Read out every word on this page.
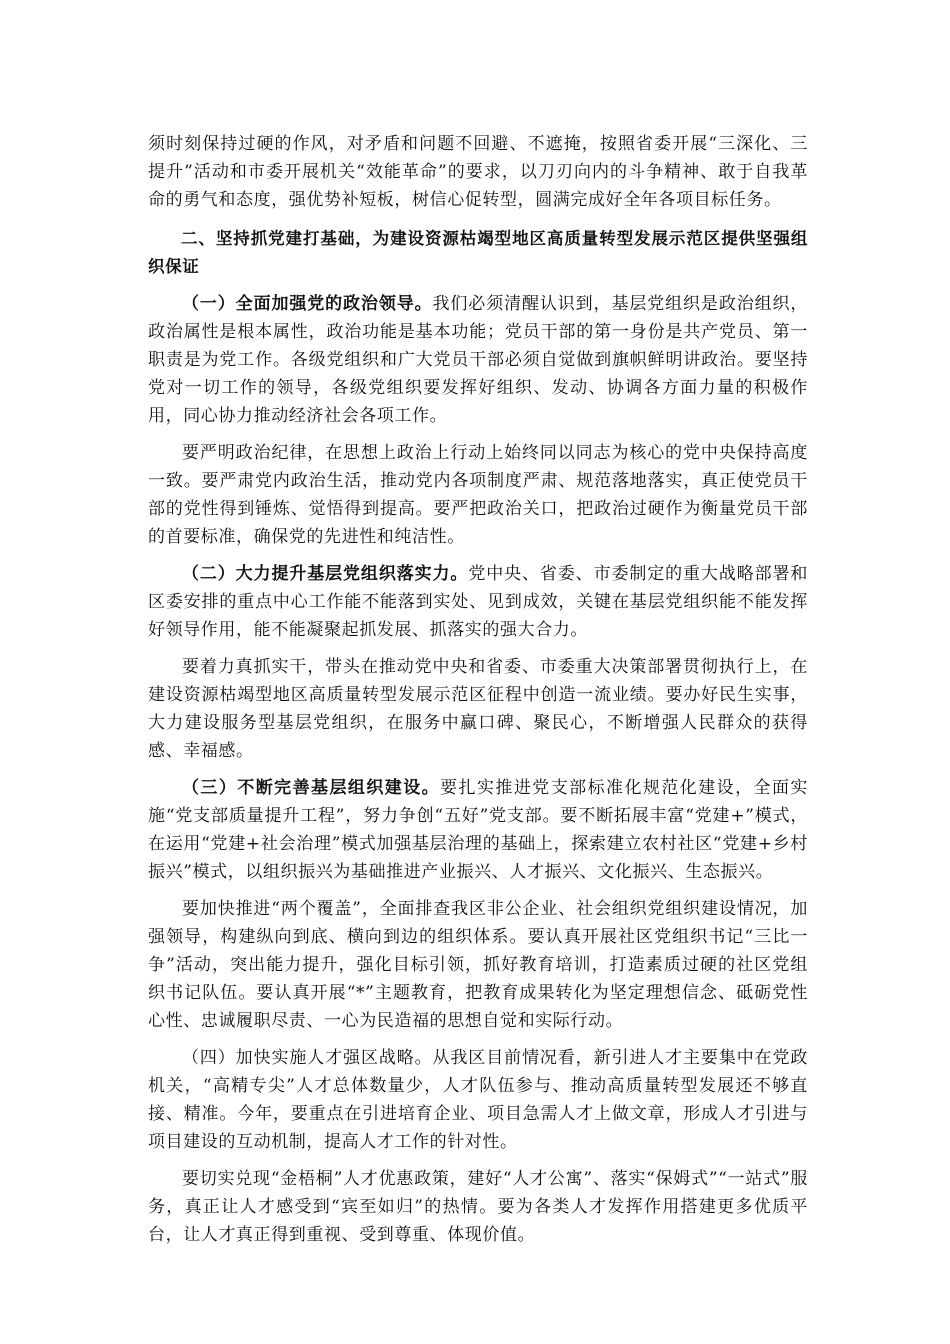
须时刻保持过硬的作风，对矛盾和问题不回避、不遮掩，按照省委开展“三深化、三提升”活动和市委开展机关“效能革命”的要求，以刀刃向内的斗争精神、敢于自我革命的勇气和态度，强优势补短板，树信心促转型，圆满完成好全年各项目标任务。

二、坚持抓党建打基础，为建设资源枯竭型地区高质量转型发展示范区提供坚强组织保证

（一）全面加强党的政治领导。我们必须清醒认识到，基层党组织是政治组织，政治属性是根本属性，政治功能是基本功能；党员干部的第一身份是共产党员、第一职责是为党工作。各级党组织和广大党员干部必须自觉做到旗帜鲜明讲政治。要坚持党对一切工作的领导，各级党组织要发挥好组织、发动、协调各方面力量的积极作用，同心协力推动经济社会各项工作。

要严明政治纪律，在思想上政治上行动上始终同以同志为核心的党中央保持高度一致。要严肃党内政治生活，推动党内各项制度严肃、规范落地落实，真正使党员干部的党性得到锤炼、觉悟得到提高。要严把政治关口，把政治过硬作为衡量党员干部的首要标准，确保党的先进性和纯洁性。

（二）大力提升基层党组织落实力。党中央、省委、市委制定的重大战略部署和区委安排的重点中心工作能不能落到实处、见到成效，关键在基层党组织能不能发挥好领导作用，能不能凝聚起抓发展、抓落实的强大合力。

要着力真抓实干，带头在推动党中央和省委、市委重大决策部署贯彻执行上，在建设资源枯竭型地区高质量转型发展示范区征程中创造一流业绩。要办好民生实事，大力建设服务型基层党组织，在服务中赢口碑、聚民心，不断增强人民群众的获得感、幸福感。

（三）不断完善基层组织建设。要扎实推进党支部标准化规范化建设，全面实施“党支部质量提升工程”，努力争创“五好”党支部。要不断拓展丰富“党建+”模式，在运用“党建+社会治理”模式加强基层治理的基础上，探索建立农村社区“党建+乡村振兴”模式，以组织振兴为基础推进产业振兴、人才振兴、文化振兴、生态振兴。

要加快推进“两个覆盖”，全面排查我区非公企业、社会组织党组织建设情况，加强领导，构建纵向到底、横向到边的组织体系。要认真开展社区党组织书记“三比一争”活动，突出能力提升，强化目标引领，抓好教育培训，打造素质过硬的社区党组织书记队伍。要认真开展“*”主题教育，把教育成果转化为坚定理想信念、砥砺党性心性、忠诚履职尽责、一心为民造福的思想自觉和实际行动。

（四）加快实施人才强区战略。从我区目前情况看，新引进人才主要集中在党政机关，“高精专尖”人才总体数量少，人才队伍参与、推动高质量转型发展还不够直接、精准。今年，要重点在引进培育企业、项目急需人才上做文章，形成人才引进与项目建设的互动机制，提高人才工作的针对性。

要切实兑现“金梧桐”人才优惠政策，建好“人才公寓”、落实“保姆式”“一站式”服务，真正让人才感受到“宾至如归”的热情。要为各类人才发挥作用搭建更多优质平台，让人才真正得到重视、受到尊重、体现价值。
